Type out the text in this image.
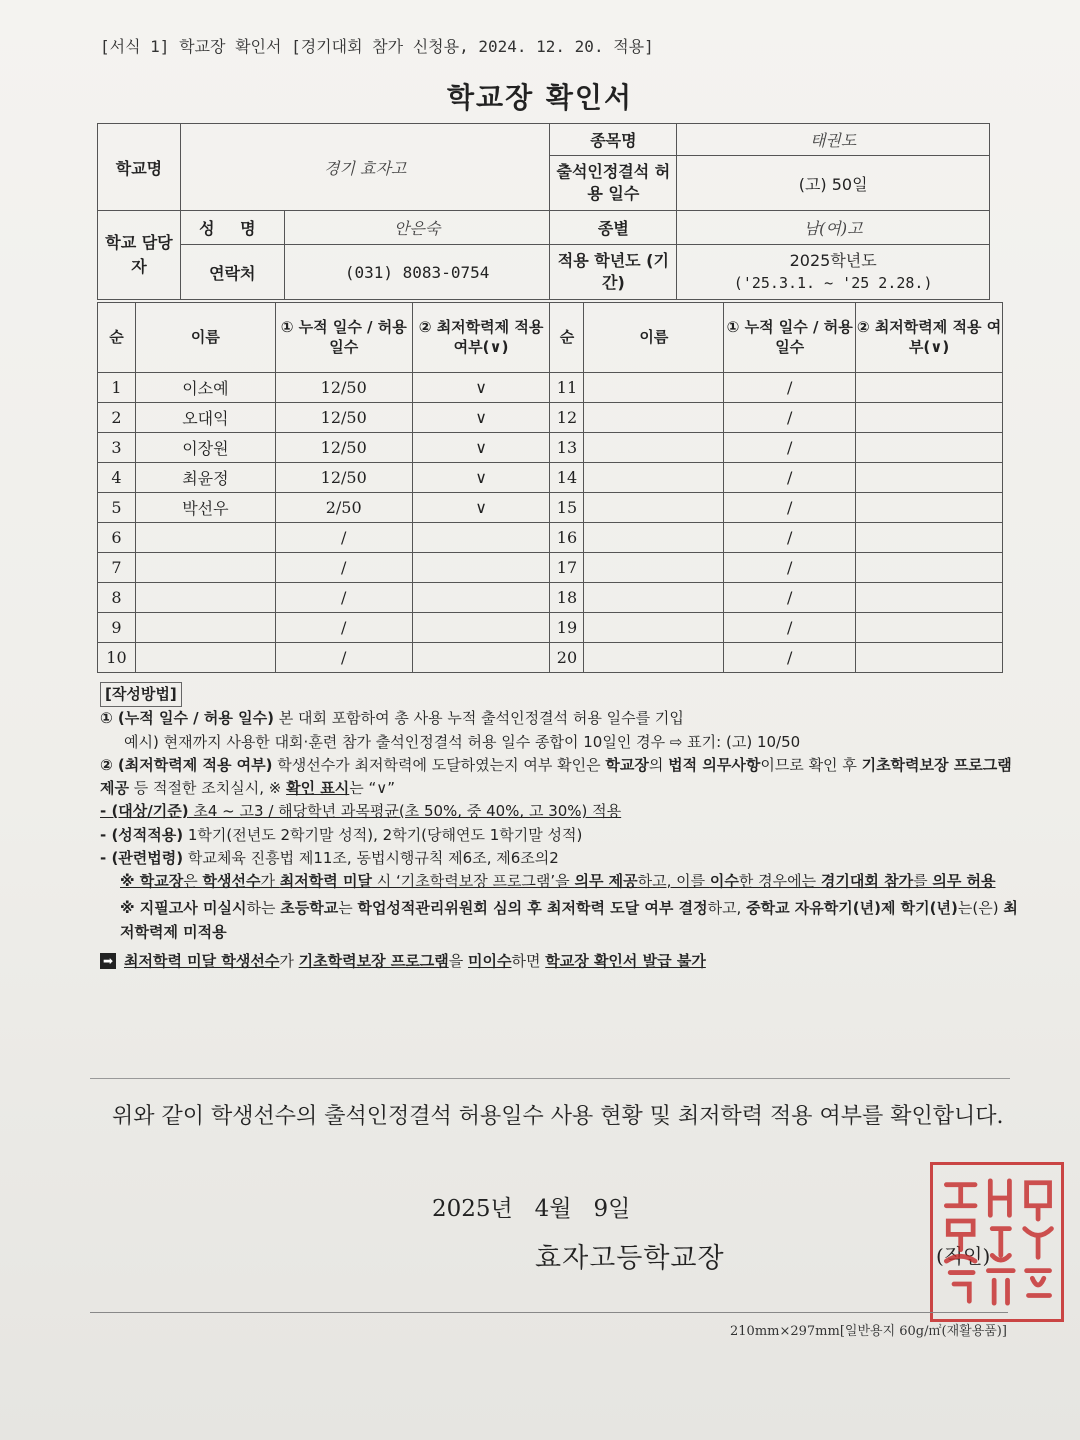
[서식 1] 학교장 확인서 [경기대회 참가 신청용, 2024. 12. 20. 적용]
학교장 확인서
학교명	경기 효자고		종목명	태권도
			출석인정결석 허용 일수	(고) 50일
학교 담당자	성 명	안은숙	종별	남(여)고
	연락처	(031) 8083-0754	적용 학년도 (기간)	2025학년도
('25.3.1. ~ '25 2.28.)
순	이름	① 누적 일수 / 허용 일수	② 최저학력제 적용 여부(∨)	순	이름	① 누적 일수 / 허용 일수	② 최저학력제 적용 여부(∨)
1	이소예	12/50	∨	11		/	
2	오대익	12/50	∨	12		/	
3	이장원	12/50	∨	13		/	
4	최윤정	12/50	∨	14		/	
5	박선우	2/50	∨	15		/	
6		/		16		/	
7		/		17		/	
8		/		18		/	
9		/		19		/	
10		/		20		/	

[작성방법]

① (누적 일수 / 허용 일수) 본 대회 포함하여 총 사용 누적 출석인정결석 허용 일수를 기입

예시) 현재까지 사용한 대회·훈련 참가 출석인정결석 허용 일수 종합이 10일인 경우 ⇨ 표기: (고) 10/50

② (최저학력제 적용 여부) 학생선수가 최저학력에 도달하였는지 여부 확인은 학교장의 법적 의무사항이므로 확인 후 기초학력보장 프로그램 제공 등 적절한 조치실시, ※ 확인 표시는 “∨”

- (대상/기준) 초4 ~ 고3 / 해당학년 과목평균(초 50%, 중 40%, 고 30%) 적용

- (성적적용) 1학기(전년도 2학기말 성적), 2학기(당해연도 1학기말 성적)

- (관련법령) 학교체육 진흥법 제11조, 동법시행규칙 제6조, 제6조의2

※ 학교장은 학생선수가 최저학력 미달 시 ‘기초학력보장 프로그램’을 의무 제공하고, 이를 이수한 경우에는 경기대회 참가를 의무 허용

※ 지필고사 미실시하는 초등학교는 학업성적관리위원회 심의 후 최저학력 도달 여부 결정하고, 중학교 자유학기(년)제 학기(년)는(은) 최저학력제 미적용

➡ 최저학력 미달 학생선수가 기초학력보장 프로그램을 미이수하면 학교장 확인서 발급 불가

위와 같이 학생선수의 출석인정결석 허용일수 사용 현황 및 최저학력 적용 여부를 확인합니다.
2025년   4월   9일
효자고등학교장	(직인)
210mm×297mm[일반용지 60g/㎡(재활용품)]
